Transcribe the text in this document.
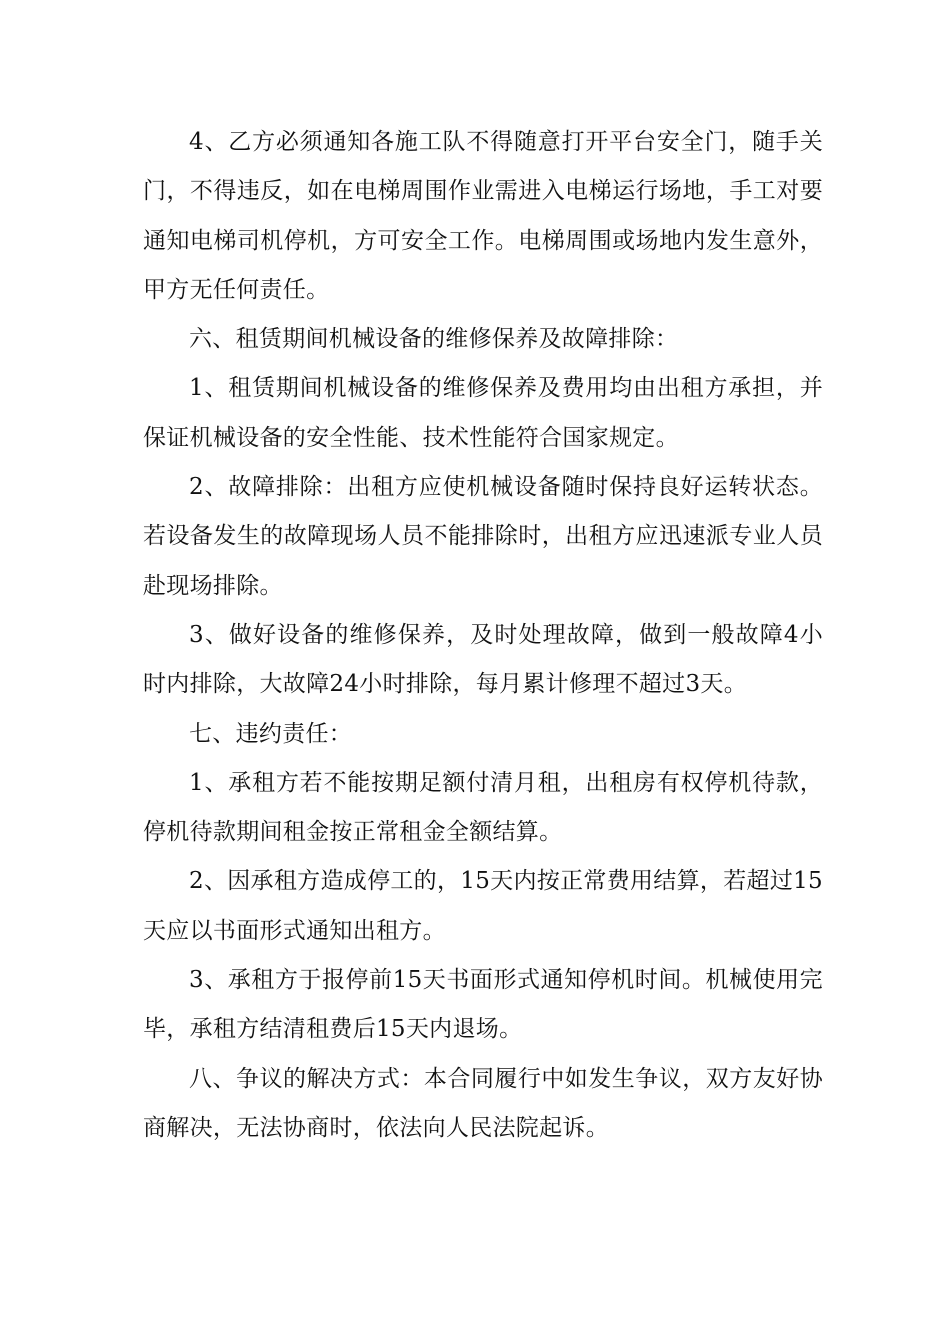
4、乙方必须通知各施工队不得随意打开平台安全门，随手关门，不得违反，如在电梯周围作业需进入电梯运行场地，手工对要通知电梯司机停机，方可安全工作。电梯周围或场地内发生意外，甲方无任何责任。

六、租赁期间机械设备的维修保养及故障排除：

1、租赁期间机械设备的维修保养及费用均由出租方承担，并保证机械设备的安全性能、技术性能符合国家规定。

2、故障排除：出租方应使机械设备随时保持良好运转状态。若设备发生的故障现场人员不能排除时，出租方应迅速派专业人员赴现场排除。

3、做好设备的维修保养，及时处理故障，做到一般故障4小时内排除，大故障24小时排除，每月累计修理不超过3天。

七、违约责任：

1、承租方若不能按期足额付清月租，出租房有权停机待款，停机待款期间租金按正常租金全额结算。

2、因承租方造成停工的，15天内按正常费用结算，若超过15天应以书面形式通知出租方。

3、承租方于报停前15天书面形式通知停机时间。机械使用完毕，承租方结清租费后15天内退场。

八、争议的解决方式：本合同履行中如发生争议，双方友好协商解决，无法协商时，依法向人民法院起诉。
